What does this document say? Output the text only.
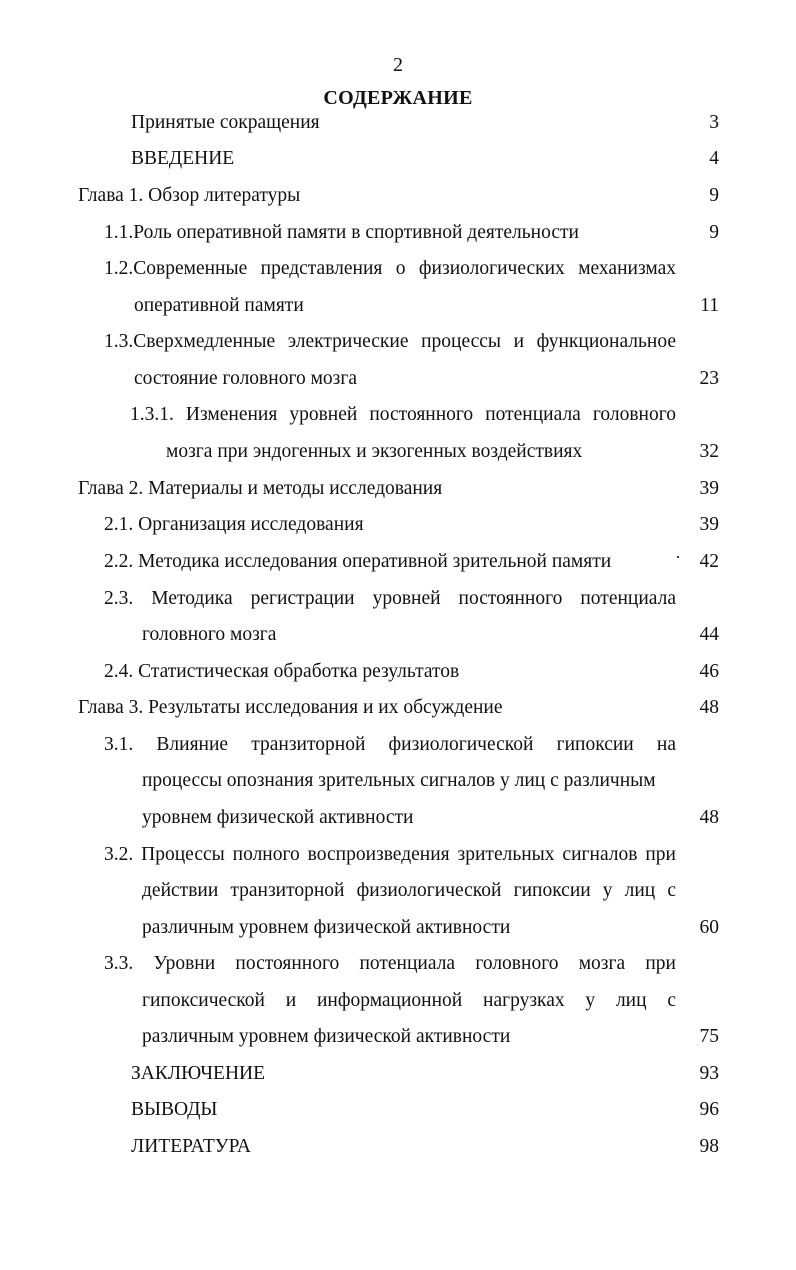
2
СОДЕРЖАНИЕ
Принятые сокращения	3
ВВЕДЕНИЕ	4
Глава 1. Обзор литературы	9
1.1.Роль оперативной памяти в спортивной деятельности	9
1.2.Современные представления о физиологических механизмах
оперативной памяти	11
1.3.Сверхмедленные электрические процессы и функциональное
состояние головного мозга	23
1.3.1. Изменения уровней постоянного потенциала головного
мозга при эндогенных и экзогенных воздействиях	32
Глава 2. Материалы и методы исследования	39
2.1. Организация исследования	39
2.2. Методика исследования оперативной зрительной памяти	42
2.3. Методика регистрации уровней постоянного потенциала
головного мозга	44
2.4. Статистическая обработка результатов	46
Глава 3. Результаты исследования и их обсуждение	48
3.1. Влияние транзиторной физиологической гипоксии на
процессы опознания зрительных сигналов у лиц с различным
уровнем физической активности	48
3.2. Процессы полного воспроизведения зрительных сигналов при
действии транзиторной физиологической гипоксии у лиц с
различным уровнем физической активности	60
3.3. Уровни постоянного потенциала головного мозга при
гипоксической и информационной нагрузках у лиц с
различным уровнем физической активности	75
ЗАКЛЮЧЕНИЕ	93
ВЫВОДЫ	96
ЛИТЕРАТУРА	98
